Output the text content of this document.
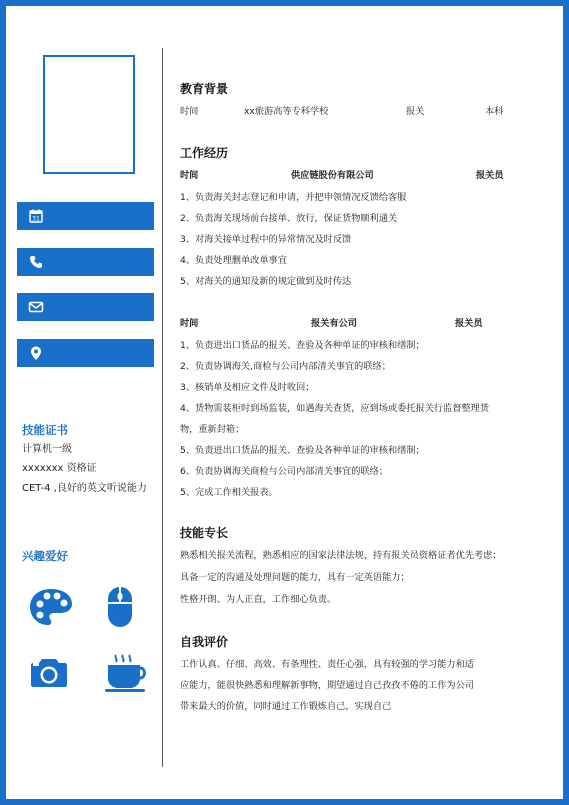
31
技能证书
计算机一级
xxxxxxx 资格证
CET-4 ,良好的英文听说能力
兴趣爱好
教育背景
时间	xx旅游高等专科学校	报关	本科
工作经历
时间	供应链股份有限公司	报关员
1、负责海关封志登记和申请，并把申领情况反馈给客服
2、负责海关现场前台接单、放行，保证货物顺利通关
3、对海关接单过程中的异常情况及时反馈
4、负责处理删单改单事宜
5、对海关的通知及新的规定做到及时传达
时间	报关有公司	报关员
1、负责进出口货品的报关、查验及各种单证的审核和缮制；
2、负责协调海关,商检与公司内部清关事宜的联络；
3、核销单及相应文件及时收回；
4、货物需装柜时到场监装，如遇海关查货，应到场或委托报关行监督整理货
物，重新封箱；
5、负责进出口货品的报关、查验及各种单证的审核和缮制；
6、负责协调海关商检与公司内部清关事宜的联络；
5、完成工作相关报表。
技能专长
熟悉相关报关流程，熟悉相应的国家法律法规，持有报关员资格证者优先考虑；
具备一定的沟通及处理问题的能力，具有一定英语能力；
性格开朗、为人正直，工作细心负责。
自我评价
工作认真、仔细、高效、有条理性、责任心强，具有较强的学习能力和适
应能力，能很快熟悉和理解新事物，期望通过自己孜孜不倦的工作为公司
带来最大的价值，同时通过工作锻炼自己，实现自己
